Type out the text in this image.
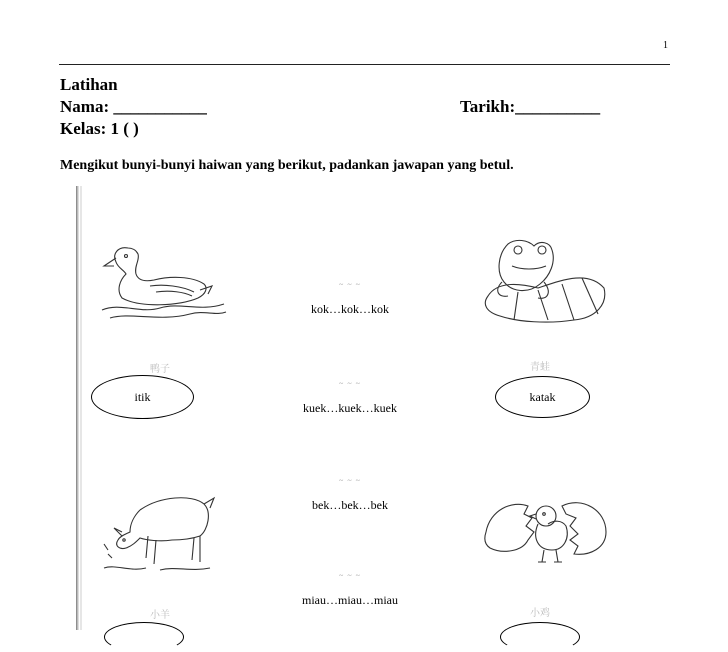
1
Latihan
Nama: ___________	Tarikh:__________
Kelas: 1 ( )
Mengikut bunyi-bunyi haiwan yang berikut, padankan jawapan yang betul.
~ ~ ~
kok…kok…kok
~ ~ ~
kuek…kuek…kuek
~ ~ ~
bek…bek…bek
~ ~ ~
miau…miau…miau
鸭子	青蛙
小羊	小鸡
itik	katak
